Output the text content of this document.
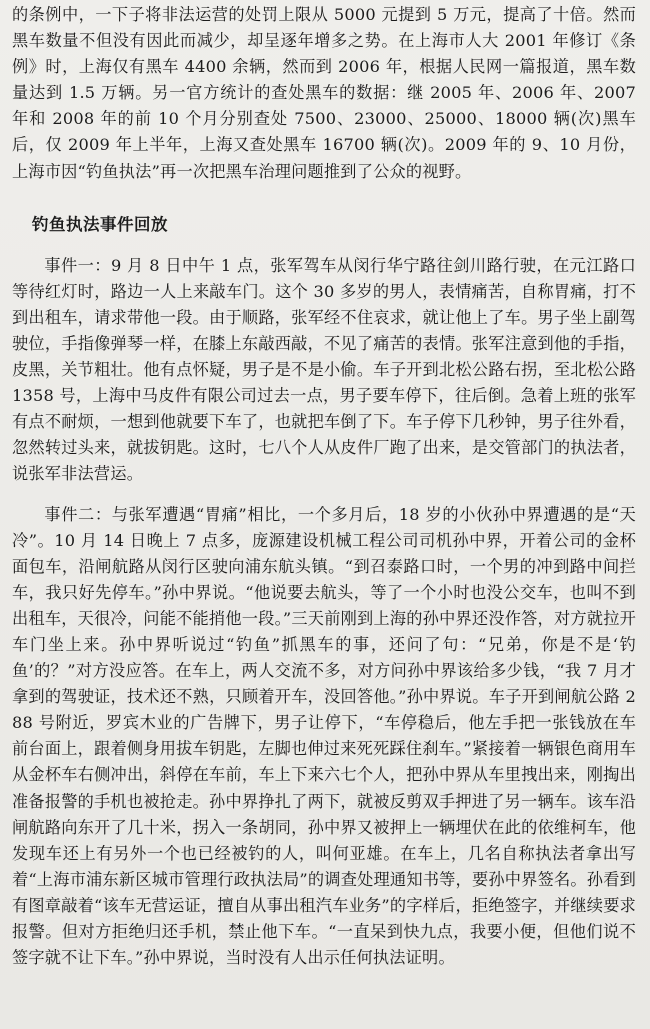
的条例中，一下子将非法运营的处罚上限从 5000 元提到 5 万元，提高了十倍。然而黑车数量不但没有因此而减少，却呈逐年增多之势。在上海市人大 2001 年修订《条例》时，上海仅有黑车 4400 余辆，然而到 2006 年，根据人民网一篇报道，黑车数量达到 1.5 万辆。另一官方统计的查处黑车的数据：继 2005 年、2006 年、2007 年和 2008 年的前 10 个月分别查处 7500、23000、25000、18000 辆(次)黑车后，仅 2009 年上半年，上海又查处黑车 16700 辆(次)。2009 年的 9、10 月份，上海市因“钓鱼执法”再一次把黑车治理问题推到了公众的视野。

钓鱼执法事件回放

事件一：9 月 8 日中午 1 点，张军驾车从闵行华宁路往剑川路行驶，在元江路口等待红灯时，路边一人上来敲车门。这个 30 多岁的男人，表情痛苦，自称胃痛，打不到出租车，请求带他一段。由于顺路，张军经不住哀求，就让他上了车。男子坐上副驾驶位，手指像弹琴一样，在膝上东敲西敲，不见了痛苦的表情。张军注意到他的手指，皮黑，关节粗壮。他有点怀疑，男子是不是小偷。车子开到北松公路右拐，至北松公路 1358 号，上海中马皮件有限公司过去一点，男子要车停下，往后倒。急着上班的张军有点不耐烦，一想到他就要下车了，也就把车倒了下。车子停下几秒钟，男子往外看，忽然转过头来，就拔钥匙。这时，七八个人从皮件厂跑了出来，是交管部门的执法者，说张军非法营运。

事件二：与张军遭遇“胃痛”相比，一个多月后，18 岁的小伙孙中界遭遇的是“天冷”。10 月 14 日晚上 7 点多，庞源建设机械工程公司司机孙中界，开着公司的金杯面包车，沿闸航路从闵行区驶向浦东航头镇。“到召泰路口时，一个男的冲到路中间拦车，我只好先停车。”孙中界说。“他说要去航头，等了一个小时也没公交车，也叫不到出租车，天很冷，问能不能捎他一段。”三天前刚到上海的孙中界还没作答，对方就拉开车门坐上来。孙中界听说过“钓鱼”抓黑车的事，还问了句：“兄弟，你是不是‘钓鱼’的？”对方没应答。在车上，两人交流不多，对方问孙中界该给多少钱，“我 7 月才拿到的驾驶证，技术还不熟，只顾着开车，没回答他。”孙中界说。车子开到闸航公路 288 号附近，罗宾木业的广告牌下，男子让停下，“车停稳后，他左手把一张钱放在车前台面上，跟着侧身用拔车钥匙，左脚也伸过来死死踩住刹车。”紧接着一辆银色商用车从金杯车右侧冲出，斜停在车前，车上下来六七个人，把孙中界从车里拽出来，刚掏出准备报警的手机也被抢走。孙中界挣扎了两下，就被反剪双手押进了另一辆车。该车沿闸航路向东开了几十米，拐入一条胡同，孙中界又被押上一辆埋伏在此的依维柯车，他发现车还上有另外一个也已经被钓的人，叫何亚雄。在车上，几名自称执法者拿出写着“上海市浦东新区城市管理行政执法局”的调查处理通知书等，要孙中界签名。孙看到有图章敲着“该车无营运证，擅自从事出租汽车业务”的字样后，拒绝签字，并继续要求报警。但对方拒绝归还手机，禁止他下车。“一直呆到快九点，我要小便，但他们说不签字就不让下车。”孙中界说，当时没有人出示任何执法证明。
